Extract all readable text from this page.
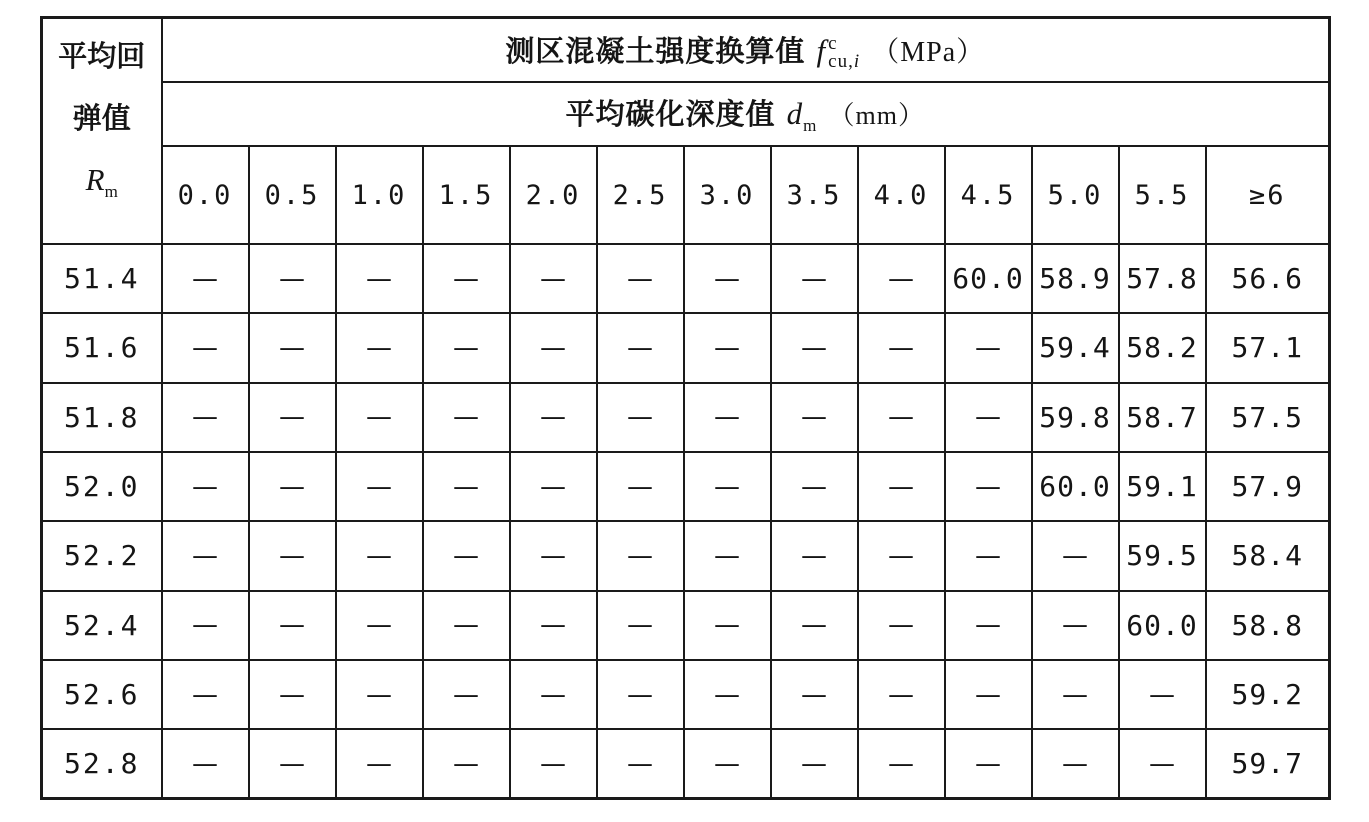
平均回
弹值
$R_m$	测区混凝土强度换算值 f c
cu,i （MPa）												
	平均碳化深度值 $d_m$ （mm）												
	0.0	0.5	1.0	1.5	2.0	2.5	3.0	3.5	4.0	4.5	5.0	5.5	≥6
51.4	—	—	—	—	—	—	—	—	—	60.0	58.9	57.8	56.6
51.6	—	—	—	—	—	—	—	—	—	—	59.4	58.2	57.1
51.8	—	—	—	—	—	—	—	—	—	—	59.8	58.7	57.5
52.0	—	—	—	—	—	—	—	—	—	—	60.0	59.1	57.9
52.2	—	—	—	—	—	—	—	—	—	—	—	59.5	58.4
52.4	—	—	—	—	—	—	—	—	—	—	—	60.0	58.8
52.6	—	—	—	—	—	—	—	—	—	—	—	—	59.2
52.8	—	—	—	—	—	—	—	—	—	—	—	—	59.7
